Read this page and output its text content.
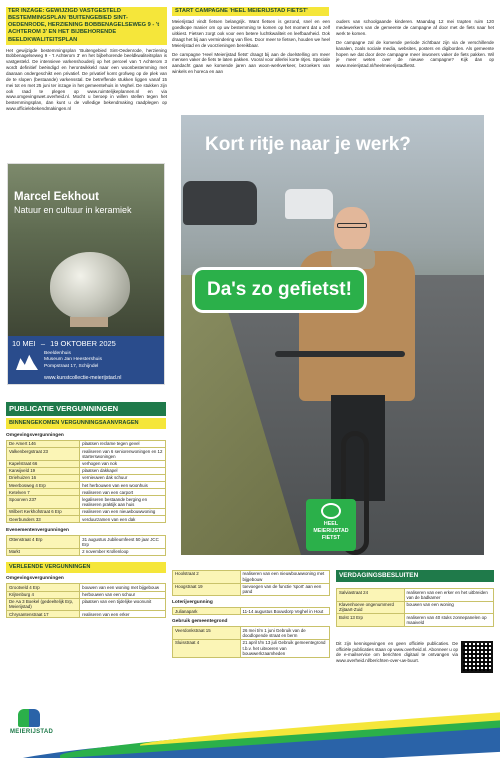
TER INZAGE: GEWIJZIGD VASTGESTELD BESTEMMINGSPLAN 'BUITENGEBIED SINT-OEDENRODE, HERZIENING BOBBENAGELSEWEG 9 - 't ACHTEROM 3' EN HET BIJBEHORENDE BEELDKWALITEITSPLAN

Het gewijzigde bestemmingsplan 'Buitengebied Sint-Oedenrode, herziening Bobbenagelseweg 9 - 't Achterom 3' en het bijbehorende beeldkwaliteitsplan is vastgesteld. De intensieve varkenshouderij op het perceel van 't Achterom 3 wordt definitief beëindigd en herontwikkeld naar een woonbestemming met daaraan ondergeschikt een privatief. De privatief komt grofweg op de plek van de te slopen (bestaande) varkensstal. De betreffende stukken liggen vanaf 15 mei tot en met 25 juni ter inzage in het gemeentehuis in Veghel. De stukken zijn ook raad te plegen op www.ruimtelijkeplannen.nl en via www.omgevingswet.overheid.nl. Mocht u beroep in willen stellen tegen het bestemmingsplan, dan kunt u de volledige bekendmaking raadplegen op www.officielebekendmakingen.nl

Marcel Eekhout
Natuur en cultuur in keramiek
10 MEI – 19 OKTOBER 2025
Beeldenhuis
Museum Jan Heestershuis
Pompstraat 17, Schijndel
www.kunstcollectie-meierijstad.nl
PUBLICATIE VERGUNNINGEN
BINNENGEKOMEN VERGUNNINGSAANVRAGEN
Omgevingsvergunningen
De Amert 146	plaatsen reclame tegen gevel
Valkenbergstraat 23	realiseren van 6 seniorenwoningen en 12 starterswoningen
Kapelstraat 66	verhogen van nok
Karwijveld 19	plaatsen dakkapel
Driehuizen 16	vernieuwen dak schuur
Meerbosweg 4 Erp	het herbouwen van een woonhuis
Ketelven 7	realiseren van een carport
Spoorven 237	legaliseren bestaande berging en realiseren praktijk aan huis
Wilbert Kerkhofstraat 6 Erp	realiseren van een nieuwbouwwoning
Geerbunders 33	verduurzamen van een dak
Evenementenvergunningen
Ottenstraat 4 Erp	31 augustus Jubileumfeest 50 jaar JCC Erp
Markt	2 november Krollenloop
VERLEENDE VERGUNNINGEN
Omgevingsvergunningen
Grootveld 4 Erp	bouwen van een woning met bijgebouw
Krijtenburg 4	herbouwen van een schuur
De Aa 3 Boekel (gedeeltelijk Erp, Meierijstad)	plaatsen van een tijdelijke woonunit
Chrysantenstraat 17	realiseren van een erker
START CAMPAGNE 'HEEL MEIERIJSTAD FIETST'

Meierijstad vindt fietsen belangrijk. Want fietsen is gezond, snel en een goedkope manier om op uw bestemming te komen op het moment dat u zelf uitkiest. Fietsen zorgt ook voor een betere luchtkwaliteit en leefbaarheid. Ook draagt het bij aan vermindering van files. Door meer te fietsen, houden we heel Meierijstad en de voorzieningen bereikbaar.

De campagne 'Heel Meierijstad fietst' draagt bij aan de doelstelling om meer mensen vaker de fiets te laten pakken. Vooral voor allerlei korte ritjes. Speciale aandacht gaan we komende jaren aan woon-werkverkeer, bezoekers van winkels en horeca en aan

ouders van schoolgaande kinderen. Maandag 12 mei trapten ruim 120 medewerkers van de gemeente de campagne af door met de fiets naar het werk te komen.

De campagne zal de komende periode zichtbaar zijn via de verschillende kanalen, zoals sociale media, websites, posters en digiborden. Als gemeente hopen we dat door deze campagne meer inwoners vaker de fiets pakken. Wil je meer weten over de nieuwe campagne? Kijk dan op www.meierijstad.nl/heelmeierijstadfietst.

Kort ritje naar je werk?
Da's zo gefietst!
HEEL
MEIERIJSTAD
FIETST
Hoolstraat 2	realiseren van een nieuwbouwwoning met bijgebouw
Hoogstraat 19	toevoegen van de functie 'sport' aan een pand
Loterijvergunning
Julianapark	11-14 augustus Bouwdorp Veghel in Hout
Gebruik gemeentegrond
Veerdonkstraat 15	26 mei t/m 1 juni Gebruik van de doodlopende straat en berm
Sluisstraat 4	21 april t/m 13 juli Gebruik gemeentegrond t.b.v. het uitvoeren van bouwwerkzaamheden
VERDAGINGSBESLUITEN
Salviastraat 24	realiseren van een erker en het uitbreiden van de badkamer
Klavenhoeve ongenummerd Zijtaart-Zuid	bouwen van een woning
Bolst 13 Erp	realiseren van 40 stuks zonnepanelen op maaiveld

Dit zijn kennisgevingen en geen officiële publicaties. De officiële publicaties staan op www.overheid.nl. Abonneer u op de e-mailservice om berichten digitaal te ontvangen via www.overheid.nl/berichten-over-uw-buurt.

MEIERIJSTAD
